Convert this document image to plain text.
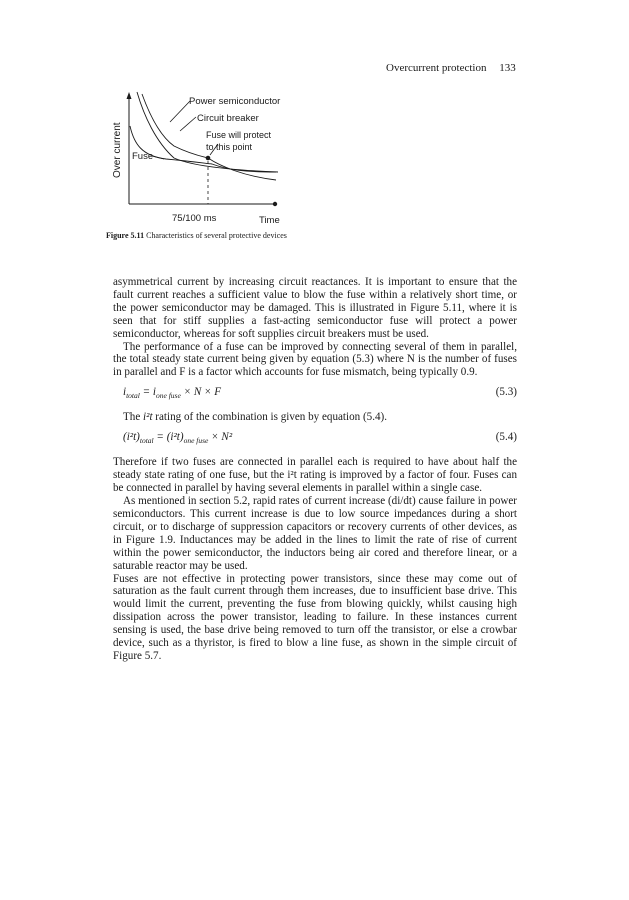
Overcurrent protection 133
Over current
Power semiconductor
Circuit breaker
Fuse will protect
to this point
Fuse
75/100 ms	Time
Figure 5.11 Characteristics of several protective devices

asymmetrical current by increasing circuit reactances. It is important to ensure that the fault current reaches a sufficient value to blow the fuse within a relatively short time, or the power semiconductor may be damaged. This is illustrated in Figure 5.11, where it is seen that for stiff supplies a fast-acting semiconductor fuse will protect a power semiconductor, whereas for soft supplies circuit breakers must be used.

The performance of a fuse can be improved by connecting several of them in parallel, the total steady state current being given by equation (5.3) where N is the number of fuses in parallel and F is a factor which accounts for fuse mismatch, being typically 0.9.

$i_{total} = i_{one fuse} \times N \times F$	(5.3)

The i²t rating of the combination is given by equation (5.4).

$(i^2t)_{total} = (i^2t)_{one fuse} \times N^2$	(5.4)

Therefore if two fuses are connected in parallel each is required to have about half the steady state rating of one fuse, but the i²t rating is improved by a factor of four. Fuses can be connected in parallel by having several elements in parallel within a single case.

As mentioned in section 5.2, rapid rates of current increase (di/dt) cause failure in power semiconductors. This current increase is due to low source impedances during a short circuit, or to discharge of suppression capacitors or recovery currents of other devices, as in Figure 1.9. Inductances may be added in the lines to limit the rate of rise of current within the power semiconductor, the inductors being air cored and therefore linear, or a saturable reactor may be used.

Fuses are not effective in protecting power transistors, since these may come out of saturation as the fault current through them increases, due to insufficient base drive. This would limit the current, preventing the fuse from blowing quickly, whilst causing high dissipation across the power transistor, leading to failure. In these instances current sensing is used, the base drive being removed to turn off the transistor, or else a crowbar device, such as a thyristor, is fired to blow a line fuse, as shown in the simple circuit of Figure 5.7.
